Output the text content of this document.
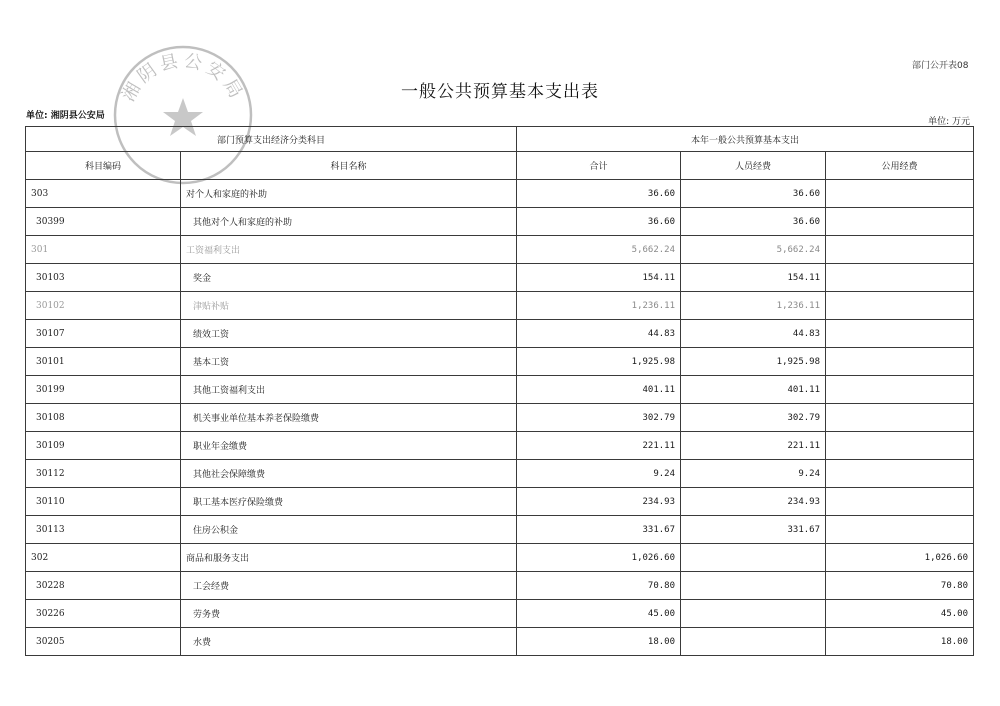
部门公开表08
一般公共预算基本支出表
单位: 湘阴县公安局
单位: 万元
湘阴县公安局
部门预算支出经济分类科目		本年一般公共预算基本支出		
科目编码	科目名称	合计	人员经费	公用经费
303	对个人和家庭的补助	36.60	36.60	
30399	其他对个人和家庭的补助	36.60	36.60	
301	工资福利支出	5,662.24	5,662.24	
30103	奖金	154.11	154.11	
30102	津贴补贴	1,236.11	1,236.11	
30107	绩效工资	44.83	44.83	
30101	基本工资	1,925.98	1,925.98	
30199	其他工资福利支出	401.11	401.11	
30108	机关事业单位基本养老保险缴费	302.79	302.79	
30109	职业年金缴费	221.11	221.11	
30112	其他社会保障缴费	9.24	9.24	
30110	职工基本医疗保险缴费	234.93	234.93	
30113	住房公积金	331.67	331.67	
302	商品和服务支出	1,026.60		1,026.60
30228	工会经费	70.80		70.80
30226	劳务费	45.00		45.00
30205	水费	18.00		18.00
